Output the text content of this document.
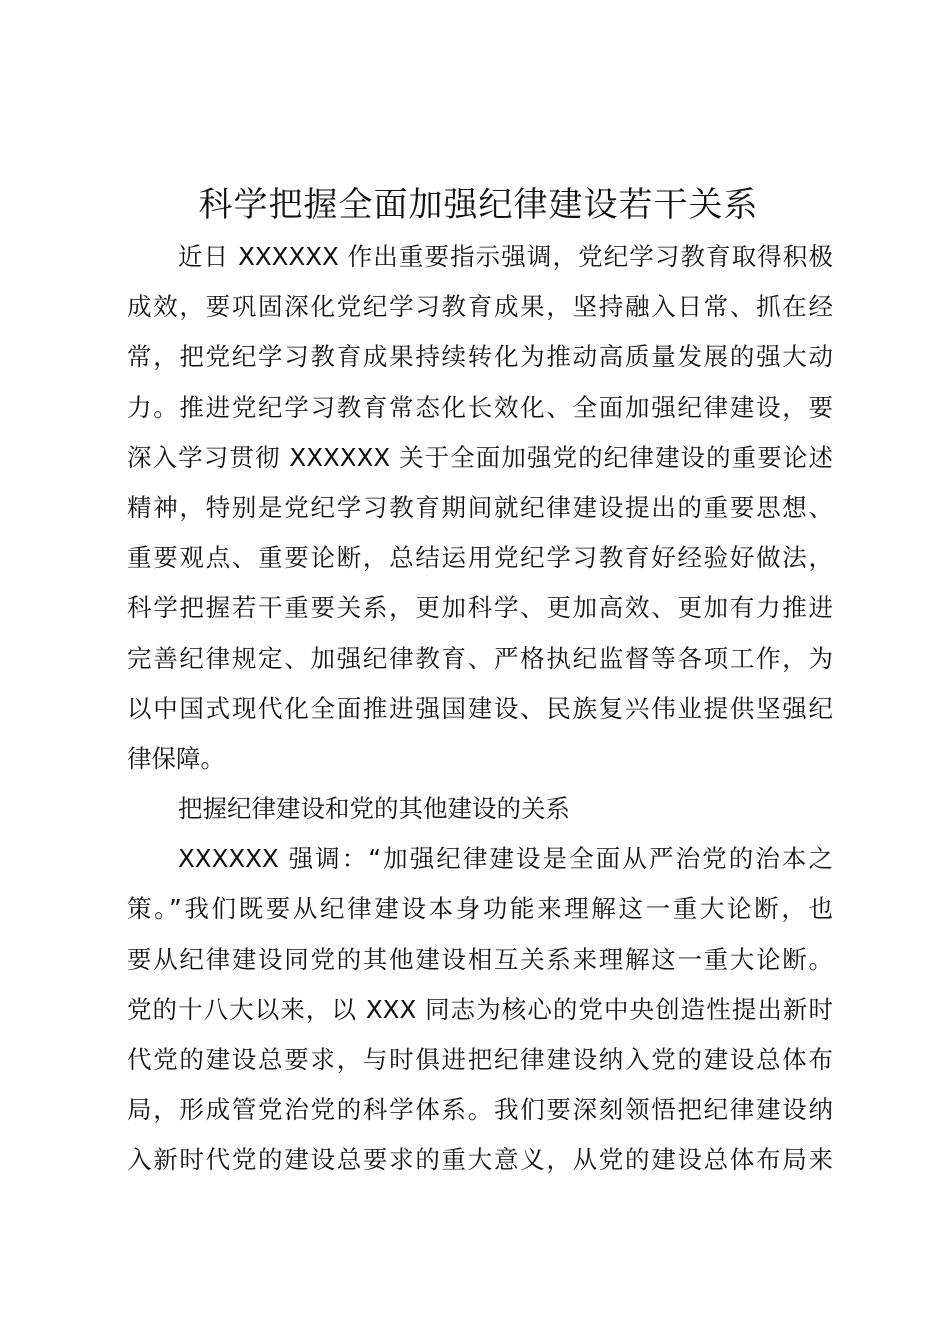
科学把握全面加强纪律建设若干关系
近日 XXXXXX 作出重要指示强调，党纪学习教育取得积极
成效，要巩固深化党纪学习教育成果，坚持融入日常、抓在经
常，把党纪学习教育成果持续转化为推动高质量发展的强大动
力。推进党纪学习教育常态化长效化、全面加强纪律建设，要
深入学习贯彻 XXXXXX 关于全面加强党的纪律建设的重要论述
精神，特别是党纪学习教育期间就纪律建设提出的重要思想、
重要观点、重要论断，总结运用党纪学习教育好经验好做法，
科学把握若干重要关系，更加科学、更加高效、更加有力推进
完善纪律规定、加强纪律教育、严格执纪监督等各项工作，为
以中国式现代化全面推进强国建设、民族复兴伟业提供坚强纪
律保障。
把握纪律建设和党的其他建设的关系
XXXXXX 强调：“加强纪律建设是全面从严治党的治本之
策。”我们既要从纪律建设本身功能来理解这一重大论断，也
要从纪律建设同党的其他建设相互关系来理解这一重大论断。
党的十八大以来，以 XXX 同志为核心的党中央创造性提出新时
代党的建设总要求，与时俱进把纪律建设纳入党的建设总体布
局，形成管党治党的科学体系。我们要深刻领悟把纪律建设纳
入新时代党的建设总要求的重大意义，从党的建设总体布局来
